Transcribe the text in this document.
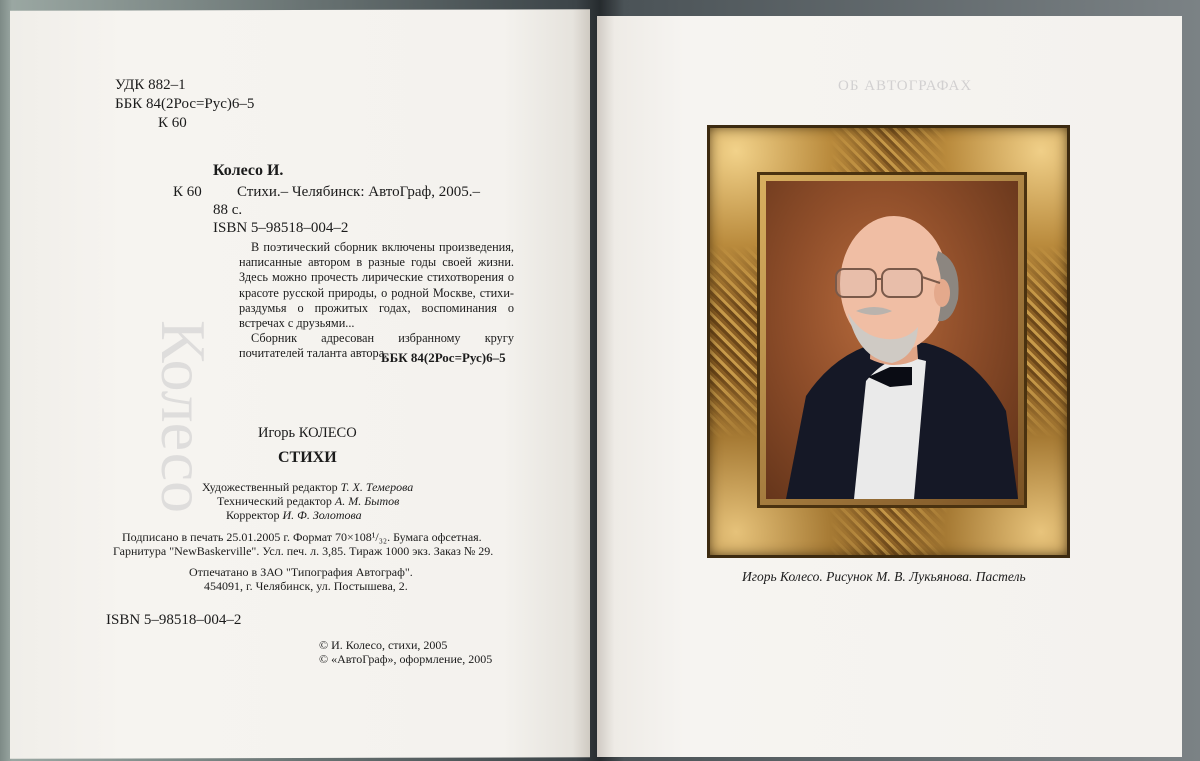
Колесо
УДК 882–1
ББК 84(2Рос=Рус)6–5
К 60
Колесо И.
К 60 Стихи.– Челябинск: АвтоГраф, 2005.–
88 с.
ISBN 5–98518–004–2

В поэтический сборник включены произведения, написанные автором в разные годы своей жизни. Здесь можно прочесть лирические стихотворения о красоте русской природы, о родной Москве, стихи-раздумья о прожитых годах, воспоминания о встречах с друзьями...

Сборник адресован избранному кругу почитателей таланта автора.

ББК 84(2Рос=Рус)6–5
Игорь КОЛЕСО
СТИХИ
Художественный редактор Т. Х. Темерова
Технический редактор А. М. Бытов
Корректор И. Ф. Золотова
Подписано в печать 25.01.2005 г. Формат 70×108¹/₃₂. Бумага офсетная.
Гарнитура "NewBaskerville". Усл. печ. л. 3,85. Тираж 1000 экз. Заказ № 29.
Отпечатано в ЗАО "Типография Автограф".
454091, г. Челябинск, ул. Постышева, 2.
ISBN 5–98518–004–2
© И. Колесо, стихи, 2005
© «АвтоГраф», оформление, 2005
ОБ АВТОГРАФАХ
Игорь Колесо. Рисунок М. В. Лукьянова. Пастель
